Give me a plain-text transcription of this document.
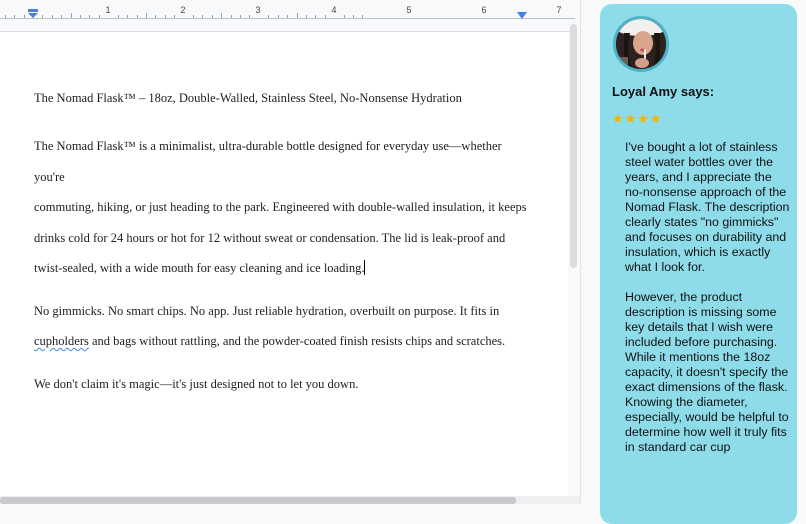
1	2	3	4	5	6	7

The Nomad Flask™ – 18oz, Double-Walled, Stainless Steel, No-Nonsense Hydration

The Nomad Flask™ is a minimalist, ultra-durable bottle designed for everyday use—whether you're
commuting, hiking, or just heading to the park. Engineered with double-walled insulation, it keeps
drinks cold for 24 hours or hot for 12 without sweat or condensation. The lid is leak-proof and
twist-sealed, with a wide mouth for easy cleaning and ice loading.

No gimmicks. No smart chips. No app. Just reliable hydration, overbuilt on purpose. It fits in
cupholders and bags without rattling, and the powder-coated finish resists chips and scratches.

We don't claim it's magic—it's just designed not to let you down.

Loyal Amy says:
★★★★

I've bought a lot of stainless steel water bottles over the years, and I appreciate the no-nonsense approach of the Nomad Flask. The description clearly states "no gimmicks" and focuses on durability and insulation, which is exactly what I look for.

However, the product description is missing some key details that I wish were included before purchasing. While it mentions the 18oz capacity, it doesn't specify the exact dimensions of the flask. Knowing the diameter, especially, would be helpful to determine how well it truly fits in standard car cup
